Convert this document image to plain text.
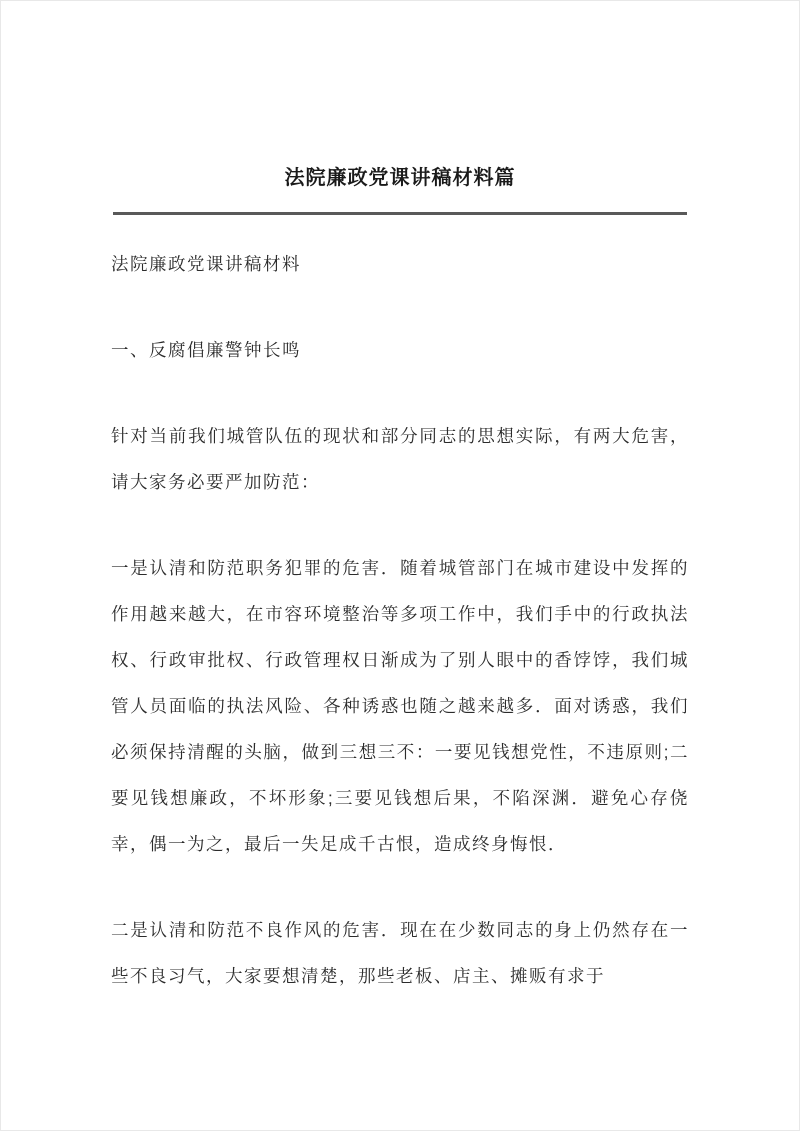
法院廉政党课讲稿材料篇

法院廉政党课讲稿材料

一、反腐倡廉警钟长鸣

针对当前我们城管队伍的现状和部分同志的思想实际，有两大危害，请大家务必要严加防范：

一是认清和防范职务犯罪的危害．随着城管部门在城市建设中发挥的作用越来越大，在市容环境整治等多项工作中，我们手中的行政执法权、行政审批权、行政管理权日渐成为了别人眼中的香饽饽，我们城管人员面临的执法风险、各种诱惑也随之越来越多．面对诱惑，我们必须保持清醒的头脑，做到三想三不：一要见钱想党性，不违原则;二要见钱想廉政，不坏形象;三要见钱想后果，不陷深渊．避免心存侥幸，偶一为之，最后一失足成千古恨，造成终身悔恨．

二是认清和防范不良作风的危害．现在在少数同志的身上仍然存在一些不良习气，大家要想清楚，那些老板、店主、摊贩有求于
